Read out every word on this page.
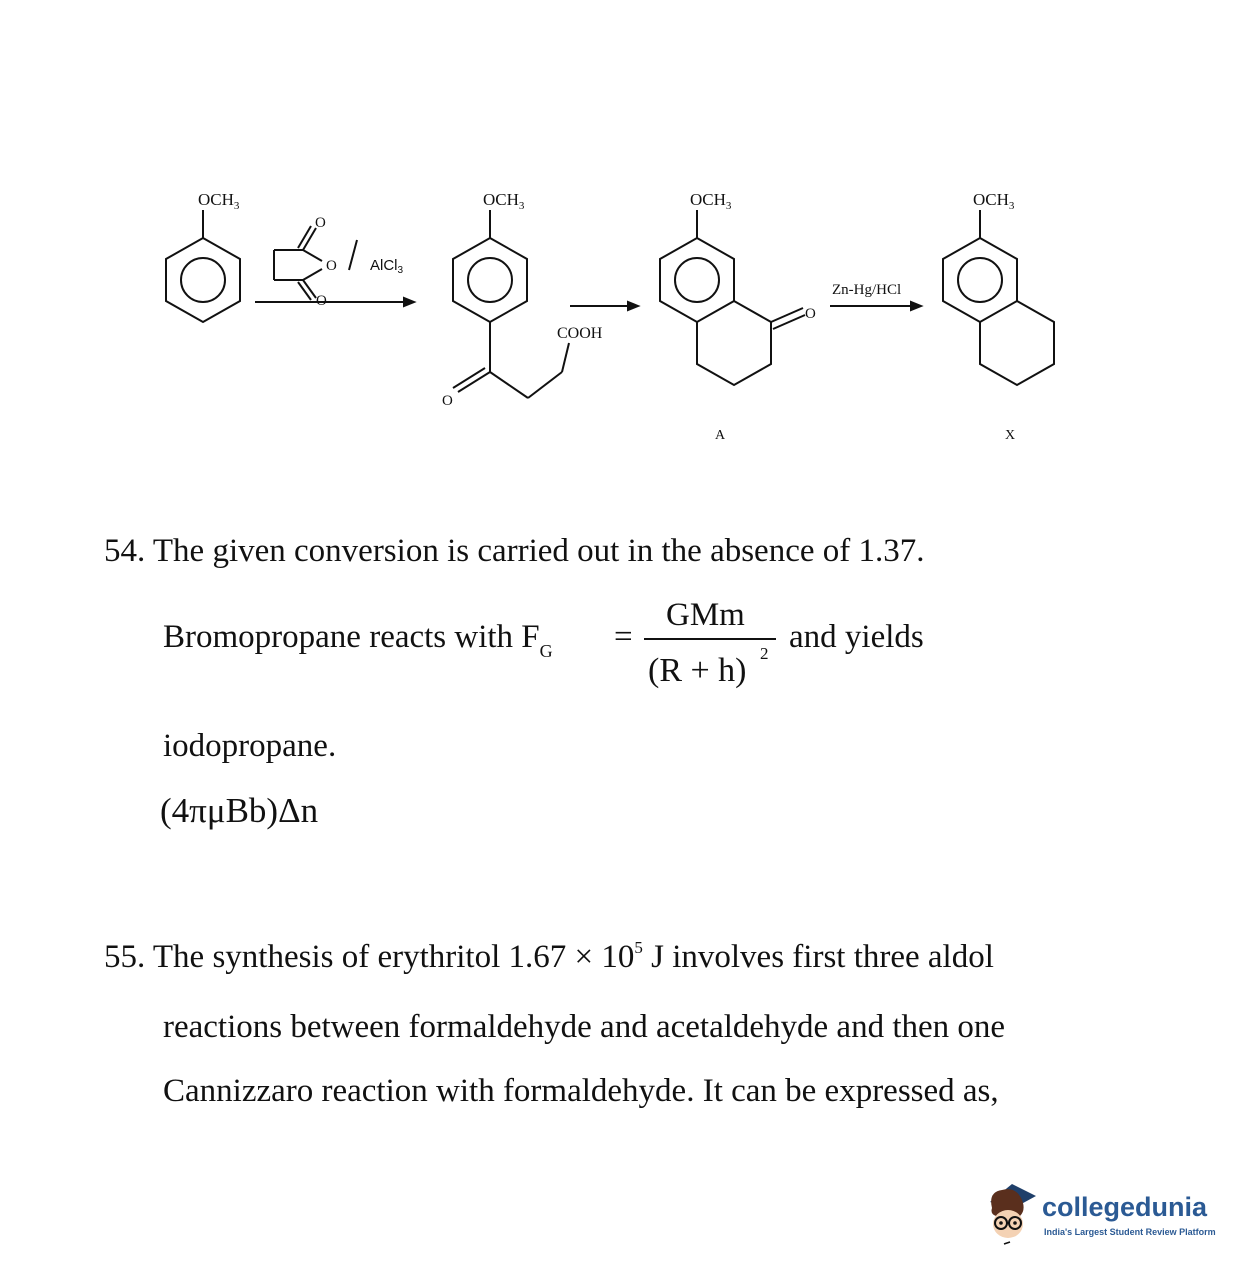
$OCH_3$	$OCH_3$	$OCH_3$	$OCH_3$
O
O
O
AlCl$_3$
O
COOH
O
Zn-Hg/HCl
A	X
54. The given conversion is carried out in the absence of 1.37.
Bromopropane reacts with $F_G$ =
GMm
(R + h) 2 and yields
iodopropane.
(4πμBb)Δn
55. The synthesis of erythritol $1.67 \times 10^5$ J involves first three aldol
reactions between formaldehyde and acetaldehyde and then one
Cannizzaro reaction with formaldehyde. It can be expressed as,
collegedunia
India's Largest Student Review Platform
